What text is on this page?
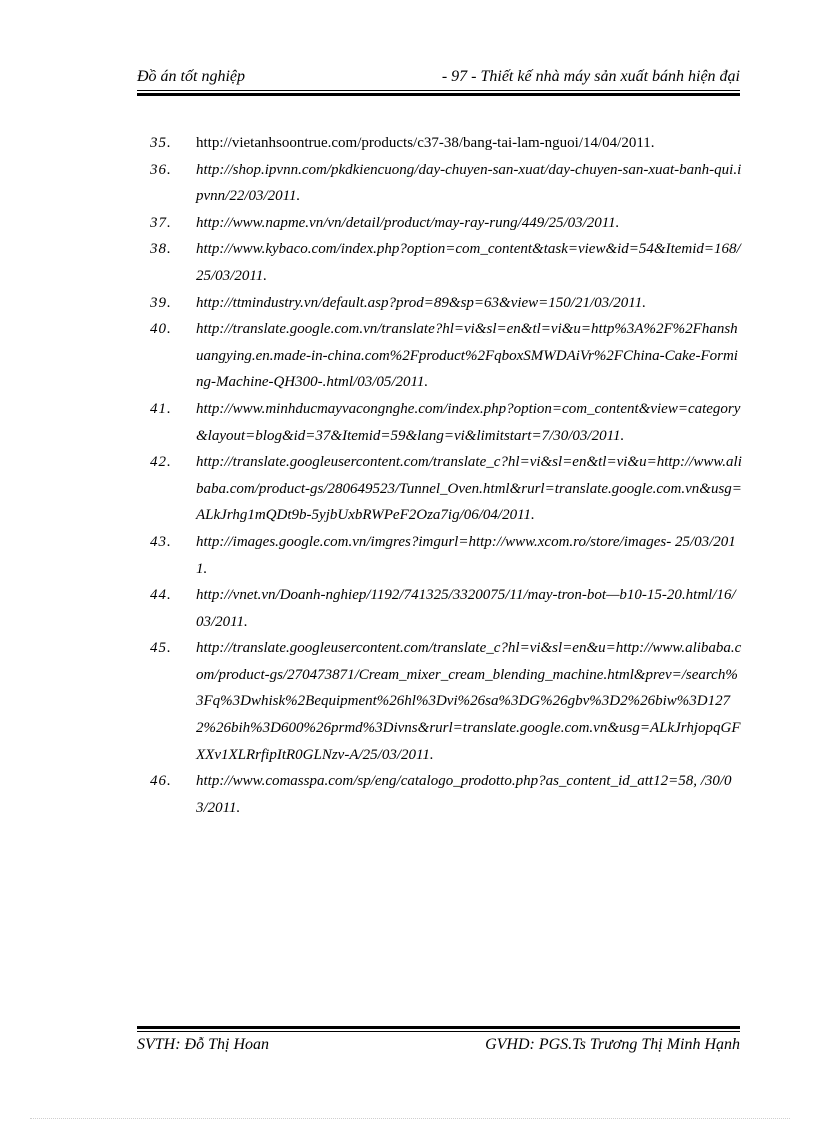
Đồ án tốt nghiệp	- 97 - Thiết kế nhà máy sản xuất bánh hiện đại
35. http://vietanhsoontrue.com/products/c37-38/bang-tai-lam-nguoi/14/04/2011.
36. http://shop.ipvnn.com/pkdkiencuong/day-chuyen-san-xuat/day-chuyen-san-xuat-banh-qui.ipvnn/22/03/2011.
37. http://www.napme.vn/vn/detail/product/may-ray-rung/449/25/03/2011.
38. http://www.kybaco.com/index.php?option=com_content&task=view&id=54&Itemid=168/25/03/2011.
39. http://ttmindustry.vn/default.asp?prod=89&sp=63&view=150/21/03/2011.
40. http://translate.google.com.vn/translate?hl=vi&sl=en&tl=vi&u=http%3A%2F%2Fhanshuangying.en.made-in-china.com%2Fproduct%2FqboxSMWDAiVr%2FChina-Cake-Forming-Machine-QH300-.html/03/05/2011.
41. http://www.minhducmayvacongnghe.com/index.php?option=com_content&view=category&layout=blog&id=37&Itemid=59&lang=vi&limitstart=7/30/03/2011.
42. http://translate.googleusercontent.com/translate_c?hl=vi&sl=en&tl=vi&u=http://www.alibaba.com/product-gs/280649523/Tunnel_Oven.html&rurl=translate.google.com.vn&usg=ALkJrhg1mQDt9b-5yjbUxbRWPeF2Oza7ig/06/04/2011.
43. http://images.google.com.vn/imgres?imgurl=http://www.xcom.ro/store/images- 25/03/2011.
44. http://vnet.vn/Doanh-nghiep/1192/741325/3320075/11/may-tron-bot—b10-15-20.html/16/03/2011.
45. http://translate.googleusercontent.com/translate_c?hl=vi&sl=en&u=http://www.alibaba.com/product-gs/270473871/Cream_mixer_cream_blending_machine.html&prev=/search%3Fq%3Dwhisk%2Bequipment%26hl%3Dvi%26sa%3DG%26gbv%3D2%26biw%3D1272%26bih%3D600%26prmd%3Divns&rurl=translate.google.com.vn&usg=ALkJrhjopqGFXXv1XLRrfipItR0GLNzv-A/25/03/2011.
46. http://www.comasspa.com/sp/eng/catalogo_prodotto.php?as_content_id_att12=58, /30/03/2011.
SVTH: Đỗ Thị Hoan	GVHD: PGS.Ts Trương Thị Minh Hạnh
